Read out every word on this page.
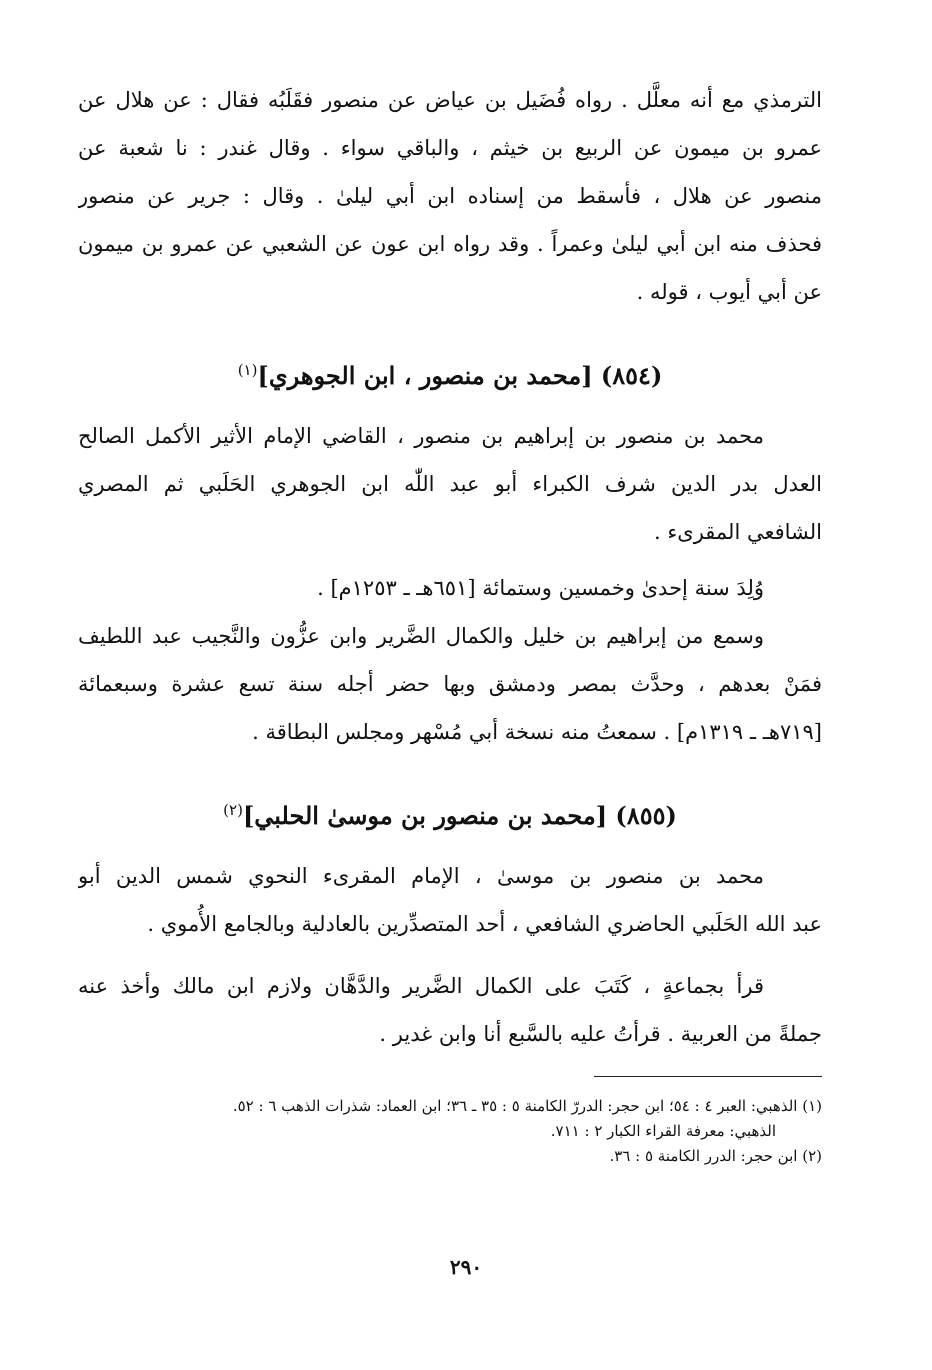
الترمذي مع أنه معلَّل . رواه فُضَيل بن عياض عن منصور فقَلَبُه فقال : عن هلال عن
عمرو بن ميمون عن الربيع بن خيثم ، والباقي سواء . وقال غندر : نا شعبة عن
منصور عن هلال ، فأسقط من إسناده ابن أبي ليلىٰ . وقال : جرير عن منصور
فحذف منه ابن أبي ليلىٰ وعمراً . وقد رواه ابن عون عن الشعبي عن عمرو بن ميمون
عن أبي أيوب ، قوله .
(٨٥٤) [محمد بن منصور ، ابن الجوهري]$^{(١)}$
محمد بن منصور بن إبراهيم بن منصور ، القاضي الإمام الأثير الأكمل الصالح
العدل بدر الدين شرف الكبراء أبو عبد اللّٰه ابن الجوهري الحَلَبي ثم المصري
الشافعي المقرىء .
وُلِدَ سنة إحدىٰ وخمسين وستمائة [٦٥١هـ ـ ١٢٥٣م] .
وسمع من إبراهيم بن خليل والكمال الضَّرير وابن عزُّون والنَّجيب عبد اللطيف
فمَنْ بعدهم ، وحدَّث بمصر ودمشق وبها حضر أجله سنة تسع عشرة وسبعمائة
[٧١٩هـ ـ ١٣١٩م] . سمعتُ منه نسخة أبي مُسْهر ومجلس البطاقة .
(٨٥٥) [محمد بن منصور بن موسىٰ الحلبي]$^{(٢)}$
محمد بن منصور بن موسىٰ ، الإمام المقرىء النحوي شمس الدين أبو
عبد الله الحَلَبي الحاضري الشافعي ، أحد المتصدِّرين بالعادلية وبالجامع الأُموي .
قرأ بجماعةٍ ، كَتَبَ على الكمال الضَّرير والدَّهَّان ولازم ابن مالك وأخذ عنه
جملةً من العربية . قرأتُ عليه بالسَّبع أنا وابن غدير .
(١) الذهبي: العبر ٤ : ٥٤؛ ابن حجر: الدررّ الكامنة ٥ : ٣٥ ـ ٣٦؛ ابن العماد: شذرات الذهب ٦ : ٥٢.
الذهبي: معرفة القراء الكبار ٢ : ٧١١.
(٢) ابن حجر: الدرر الكامنة ٥ : ٣٦.
٢٩٠
